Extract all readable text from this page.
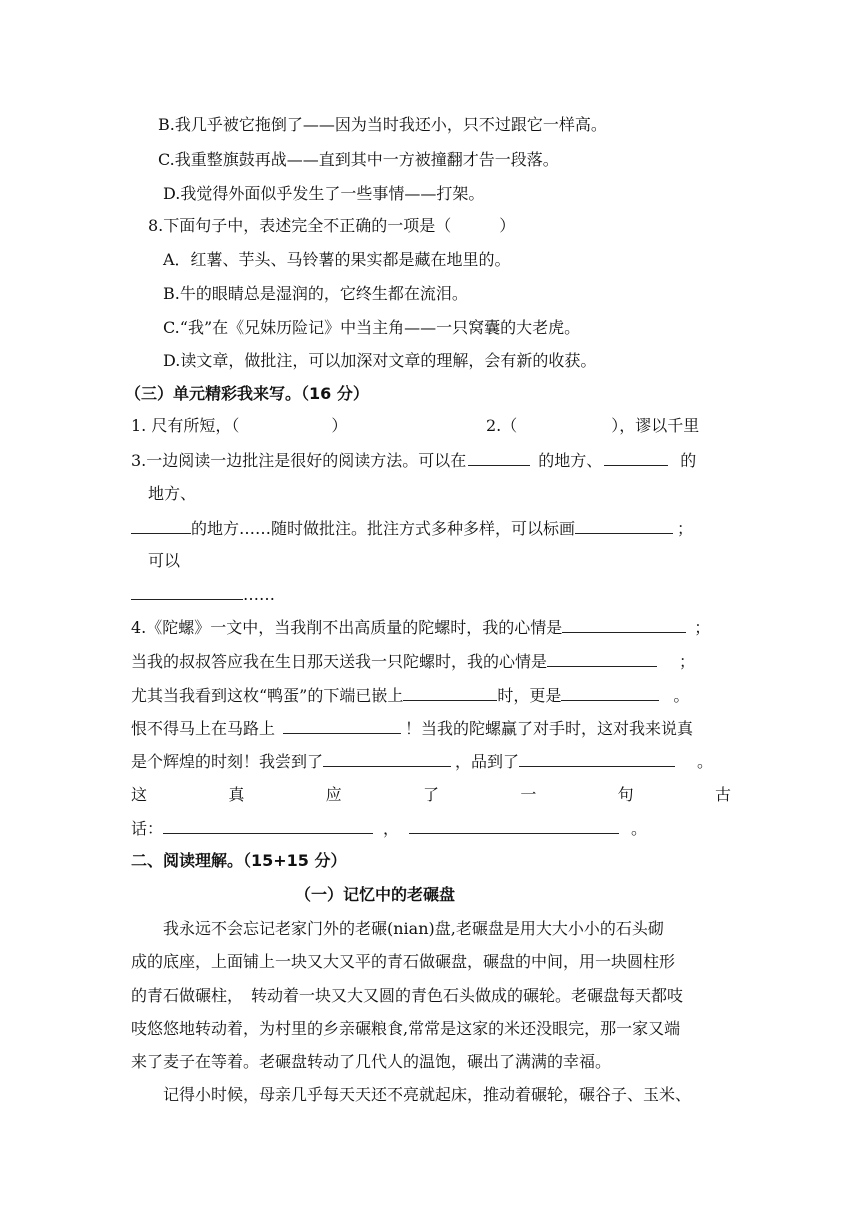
B.我几乎被它拖倒了——因为当时我还小，只不过跟它一样高。
C.我重整旗鼓再战——直到其中一方被撞翻才告一段落。
D.我觉得外面似乎发生了一些事情——打架。
8.下面句子中，表述完全不正确的一项是（　　　）
A．红薯、芋头、马铃薯的果实都是藏在地里的。
B.牛的眼睛总是湿润的，它终生都在流泪。
C.“我”在《兄妹历险记》中当主角——一只窝囊的大老虎。
D.读文章，做批注，可以加深对文章的理解，会有新的收获。
（三）单元精彩我来写。（16 分）
1. 尺有所短，（	）	2.（	），谬以千里
3.一边阅读一边批注是很好的阅读方法。可以在	的地方、	的
地方、
的地方……随时做批注。批注方式多种多样，可以标画	；
可以
……
4.《陀螺》一文中，当我削不出高质量的陀螺时，我的心情是	；
当我的叔叔答应我在生日那天送我一只陀螺时，我的心情是	；
尤其当我看到这枚“鸭蛋”的下端已嵌上	时，更是	。
恨不得马上在马路上	！当我的陀螺赢了对手时，这对我来说真
是个辉煌的时刻！我尝到了	，品到了	。
这	真	应	了	一	句	古
话：	，	。
二、阅读理解。（15+15 分）
（一）记忆中的老碾盘
我永远不会忘记老家门外的老碾(nian)盘,老碾盘是用大大小小的石头砌
成的底座，上面铺上一块又大又平的青石做碾盘，碾盘的中间，用一块圆柱形
的青石做碾柱，　转动着一块又大又圆的青色石头做成的碾轮。老碾盘每天都吱
吱悠悠地转动着，为村里的乡亲碾粮食,常常是这家的米还没眼完，那一家又端
来了麦子在等着。老碾盘转动了几代人的温饱，碾出了满满的幸福。
记得小时候，母亲几乎每天天还不亮就起床，推动着碾轮，碾谷子、玉米、
